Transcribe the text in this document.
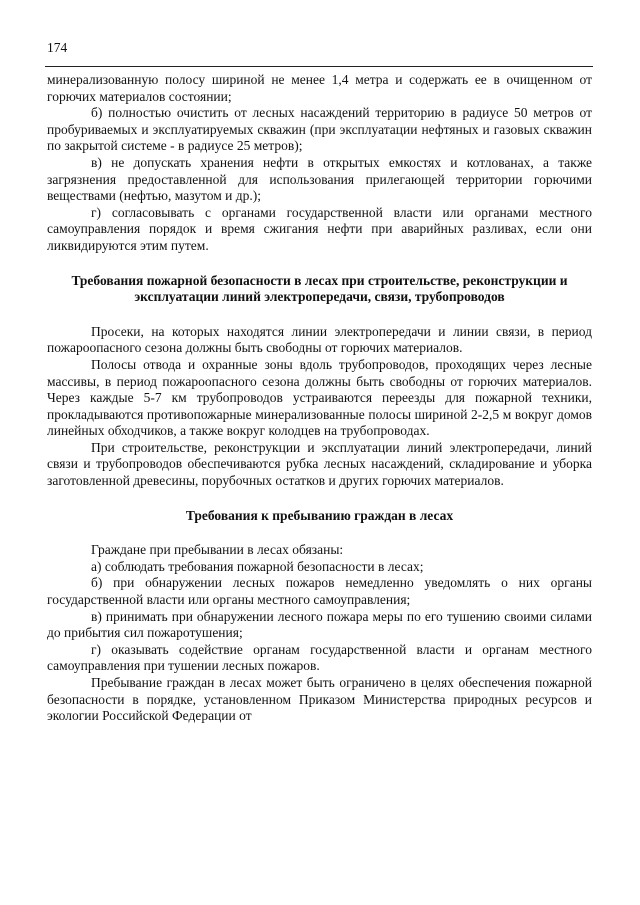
174

минерализованную полосу шириной не менее 1,4 метра и содержать ее в очищенном от горючих материалов состоянии;

б) полностью очистить от лесных насаждений территорию в радиусе 50 метров от пробуриваемых и эксплуатируемых скважин (при эксплуатации нефтяных и газовых скважин по закрытой системе - в радиусе 25 метров);

в) не допускать хранения нефти в открытых емкостях и котлованах, а также загрязнения предоставленной для использования прилегающей территории горючими веществами (нефтью, мазутом и др.);

г) согласовывать с органами государственной власти или органами местного самоуправления порядок и время сжигания нефти при аварийных разливах, если они ликвидируются этим путем.

Требования пожарной безопасности в лесах при строительстве, реконструкции и эксплуатации линий электропередачи, связи, трубопроводов

Просеки, на которых находятся линии электропередачи и линии связи, в период пожароопасного сезона должны быть свободны от горючих материалов.

Полосы отвода и охранные зоны вдоль трубопроводов, проходящих через лесные массивы, в период пожароопасного сезона должны быть свободны от горючих материалов. Через каждые 5-7 км трубопроводов устраиваются переезды для пожарной техники, прокладываются противопожарные минерализованные полосы шириной 2-2,5 м вокруг домов линейных обходчиков, а также вокруг колодцев на трубопроводах.

При строительстве, реконструкции и эксплуатации линий электропередачи, линий связи и трубопроводов обеспечиваются рубка лесных насаждений, складирование и уборка заготовленной древесины, порубочных остатков и других горючих материалов.

Требования к пребыванию граждан в лесах

Граждане при пребывании в лесах обязаны:

а) соблюдать требования пожарной безопасности в лесах;

б) при обнаружении лесных пожаров немедленно уведомлять о них органы государственной власти или органы местного самоуправления;

в) принимать при обнаружении лесного пожара меры по его тушению своими силами до прибытия сил пожаротушения;

г) оказывать содействие органам государственной власти и органам местного самоуправления при тушении лесных пожаров.

Пребывание граждан в лесах может быть ограничено в целях обеспечения пожарной безопасности в порядке, установленном Приказом Министерства природных ресурсов и экологии Российской Федерации от
